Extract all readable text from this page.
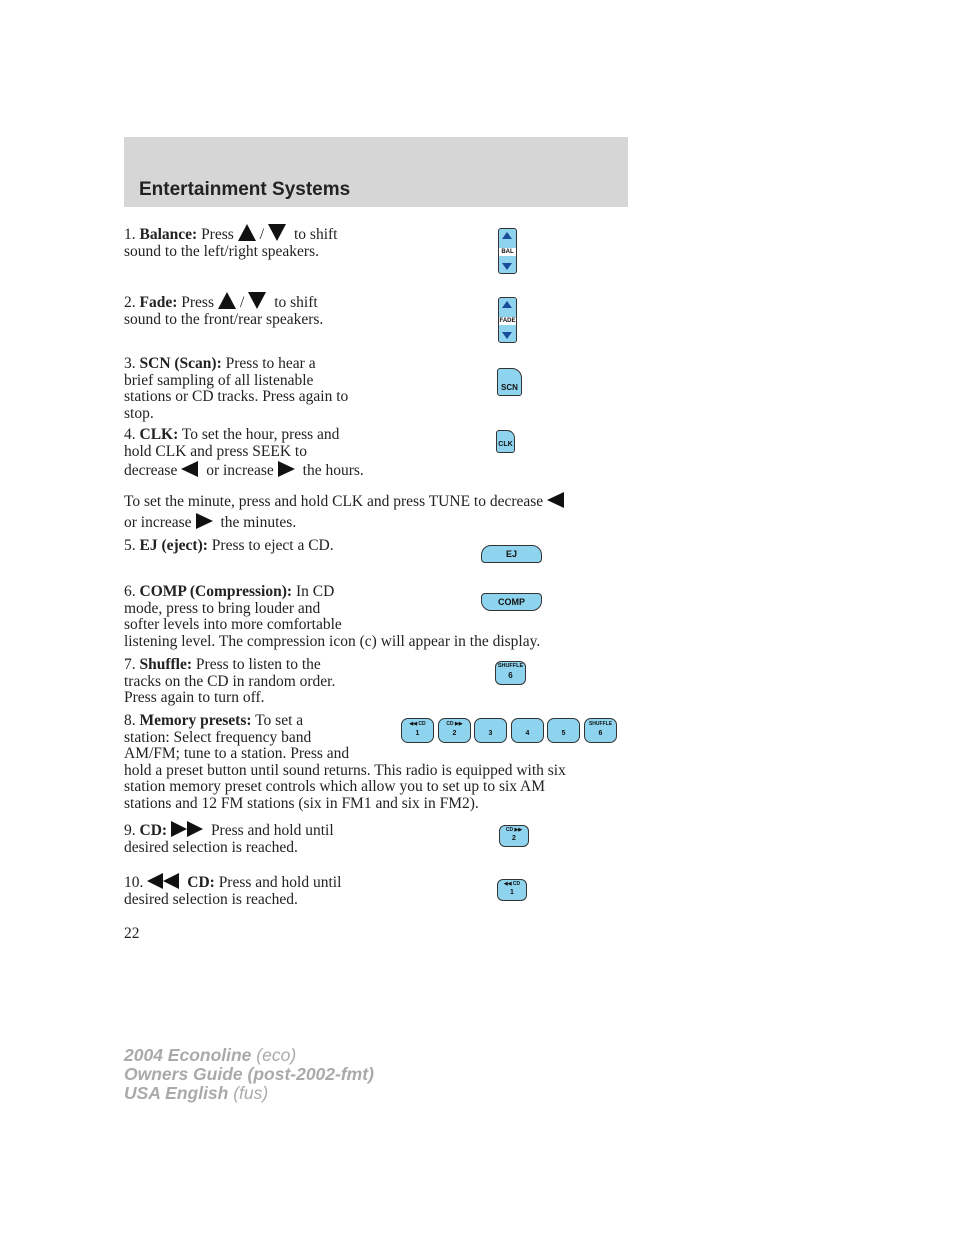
Entertainment Systems
1. Balance: Press / to shift
sound to the left/right speakers.	BAL
2. Fade: Press / to shift
sound to the front/rear speakers.	FADE
3. SCN (Scan): Press to hear a
brief sampling of all listenable
stations or CD tracks. Press again to
stop.
SCN
4. CLK: To set the hour, press and
hold CLK and press SEEK to
decrease or increase the hours.
CLK
To set the minute, press and hold CLK and press TUNE to decrease
or increase the minutes.
5. EJ (eject): Press to eject a CD.	EJ
6. COMP (Compression): In CD
mode, press to bring louder and
softer levels into more comfortable
listening level. The compression icon (c) will appear in the display.
COMP
7. Shuffle: Press to listen to the
tracks on the CD in random order.
Press again to turn off.
SHUFFLE
6
8. Memory presets: To set a
station: Select frequency band
AM/FM; tune to a station. Press and
hold a preset button until sound returns. This radio is equipped with six
station memory preset controls which allow you to set up to six AM
stations and 12 FM stations (six in FM1 and six in FM2).
◀◀ CD
1
CD ▶▶
2	3	4	5
SHUFFLE
6
9. CD:	Press and hold until
desired selection is reached.
CD ▶▶
2
10.	CD: Press and hold until
desired selection is reached.
◀◀ CD
1
22
2004 Econoline (eco)
Owners Guide (post-2002-fmt)
USA English (fus)
